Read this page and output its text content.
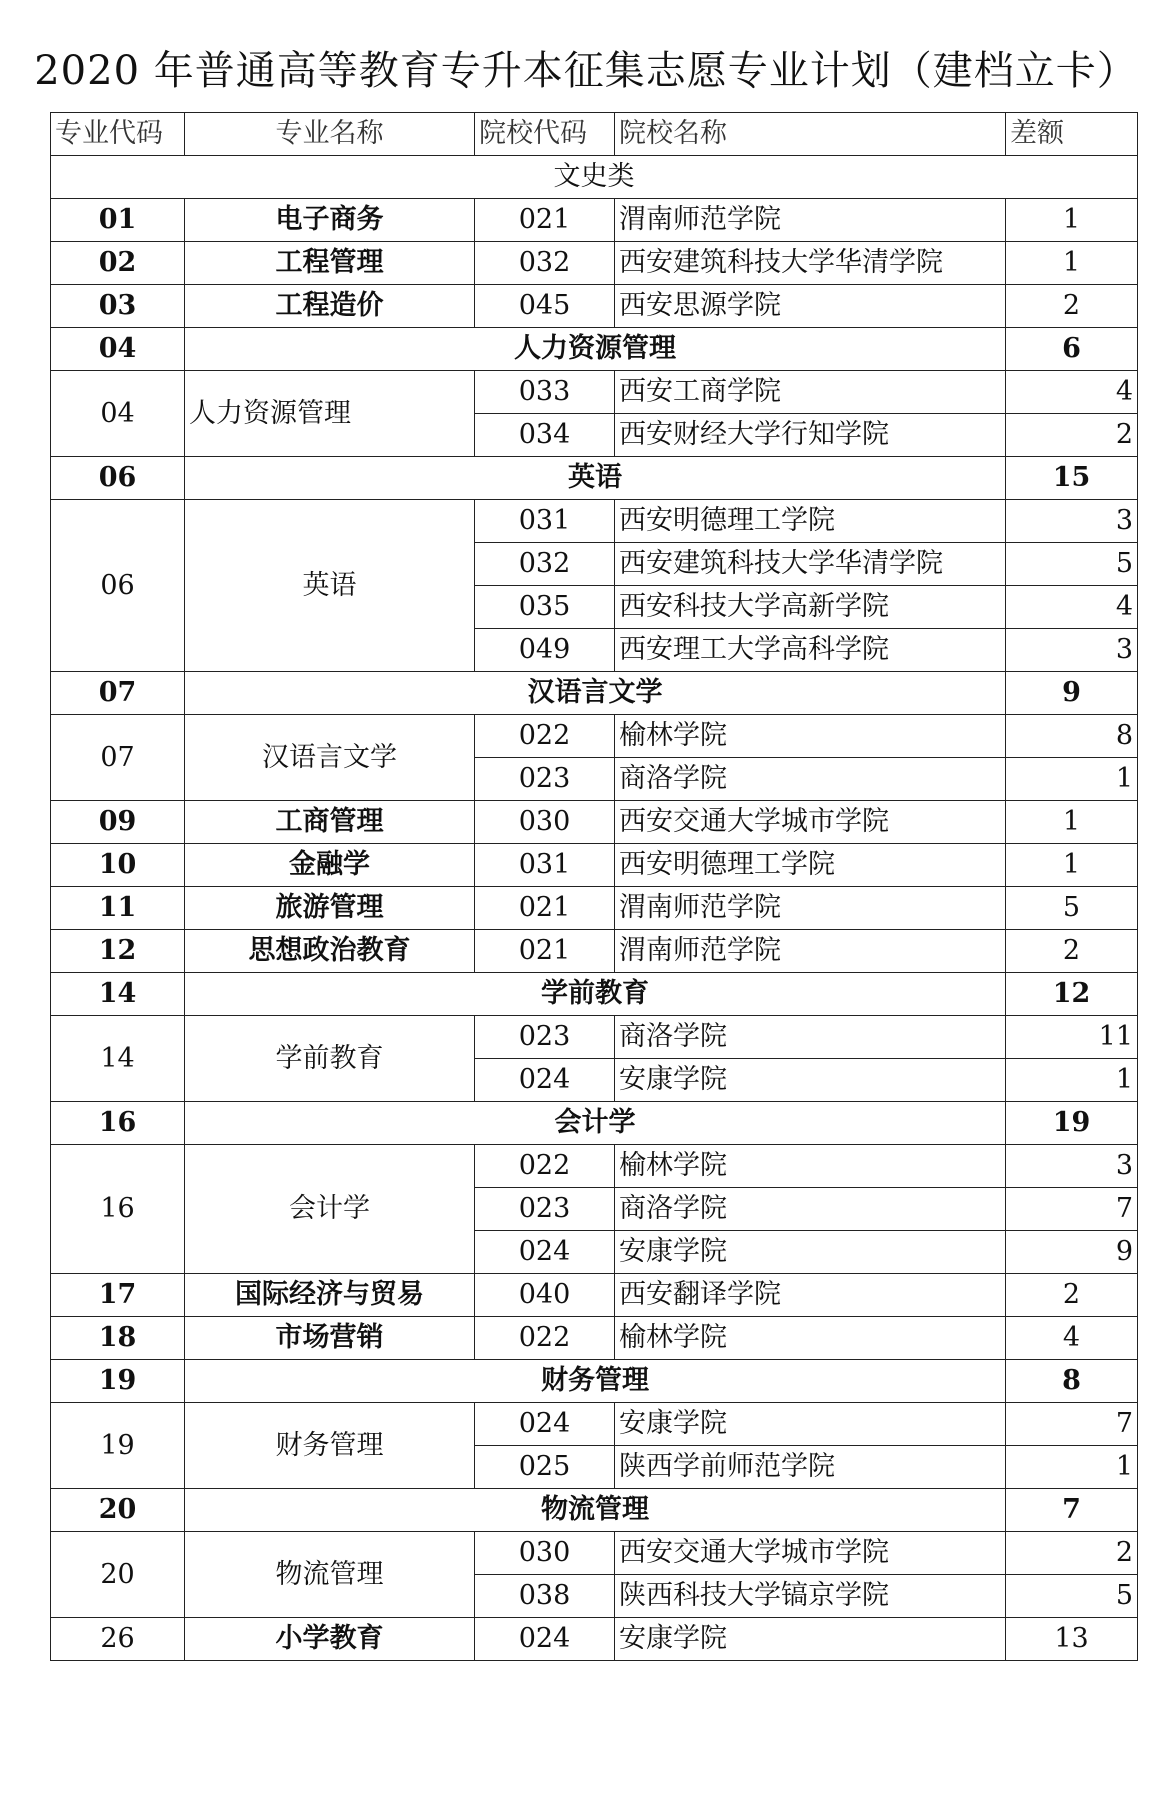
2020 年普通高等教育专升本征集志愿专业计划（建档立卡）
专业代码	专业名称	院校代码	院校名称	差额
文史类				
01	电子商务	021	渭南师范学院	1
02	工程管理	032	西安建筑科技大学华清学院	1
03	工程造价	045	西安思源学院	2
04	人力资源管理			6
04	人力资源管理	033	西安工商学院	4
		034	西安财经大学行知学院	2
06	英语			15
06	英语	031	西安明德理工学院	3
		032	西安建筑科技大学华清学院	5
		035	西安科技大学高新学院	4
		049	西安理工大学高科学院	3
07	汉语言文学			9
07	汉语言文学	022	榆林学院	8
		023	商洛学院	1
09	工商管理	030	西安交通大学城市学院	1
10	金融学	031	西安明德理工学院	1
11	旅游管理	021	渭南师范学院	5
12	思想政治教育	021	渭南师范学院	2
14	学前教育			12
14	学前教育	023	商洛学院	11
		024	安康学院	1
16	会计学			19
16	会计学	022	榆林学院	3
		023	商洛学院	7
		024	安康学院	9
17	国际经济与贸易	040	西安翻译学院	2
18	市场营销	022	榆林学院	4
19	财务管理			8
19	财务管理	024	安康学院	7
		025	陕西学前师范学院	1
20	物流管理			7
20	物流管理	030	西安交通大学城市学院	2
		038	陕西科技大学镐京学院	5
26	小学教育	024	安康学院	13
